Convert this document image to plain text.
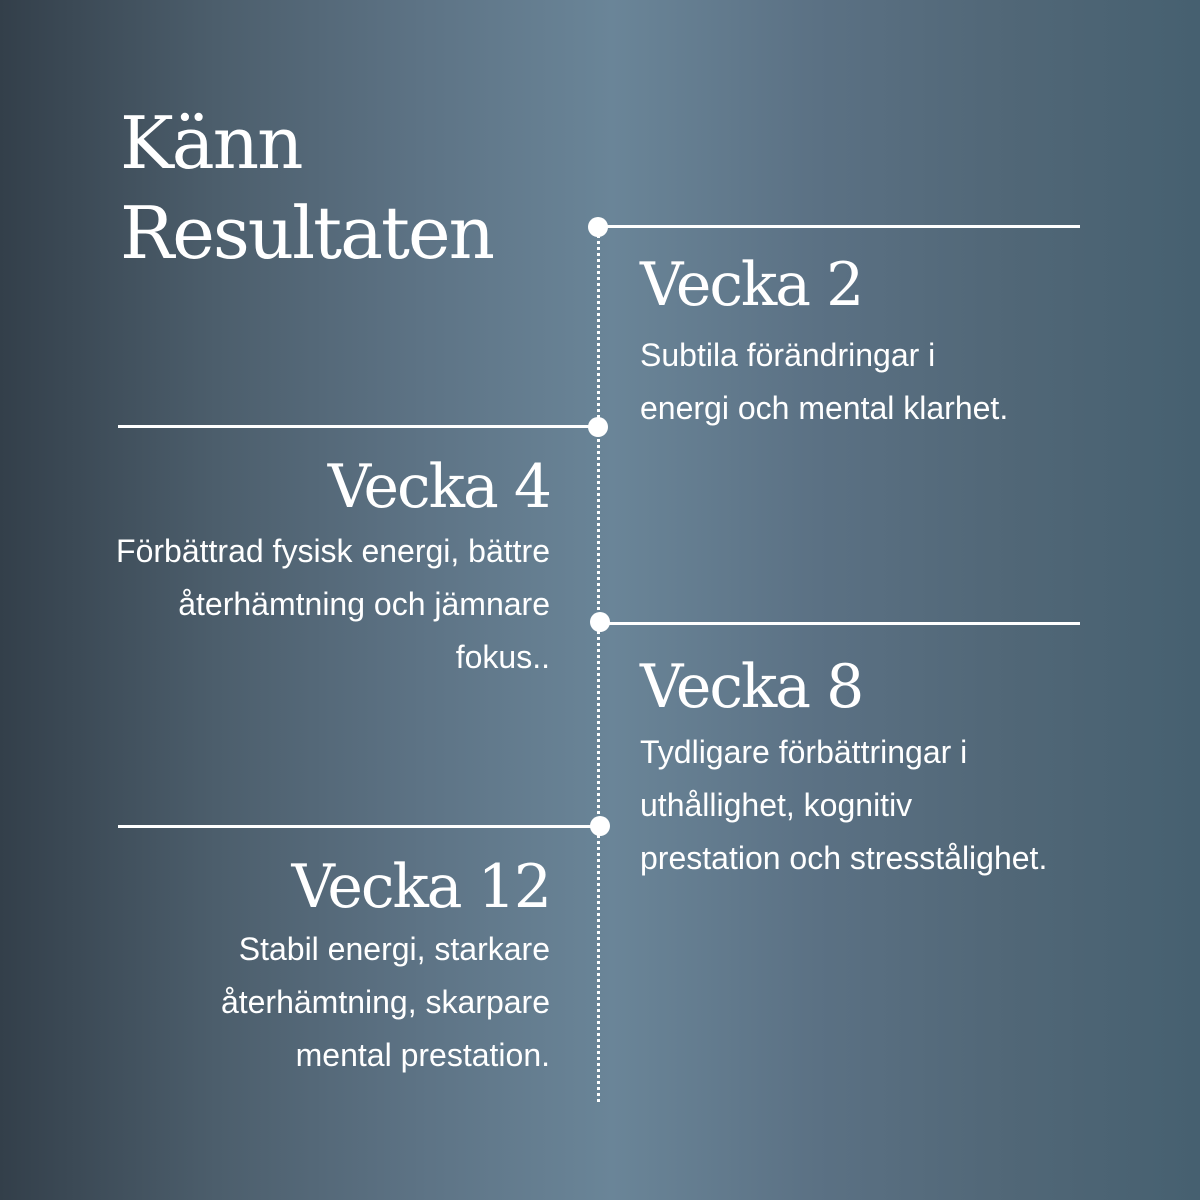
Känn
Resultaten
Vecka 2

Subtila förändringar i energi och mental klarhet.

Vecka 4

Förbättrad fysisk energi, bättre återhämtning och jämnare fokus.. Vecka 8

Tydligare förbättringar i uthållighet, kognitiv prestation och stresstålighet.

Vecka 12

Stabil energi, starkare återhämtning, skarpare mental prestation.
